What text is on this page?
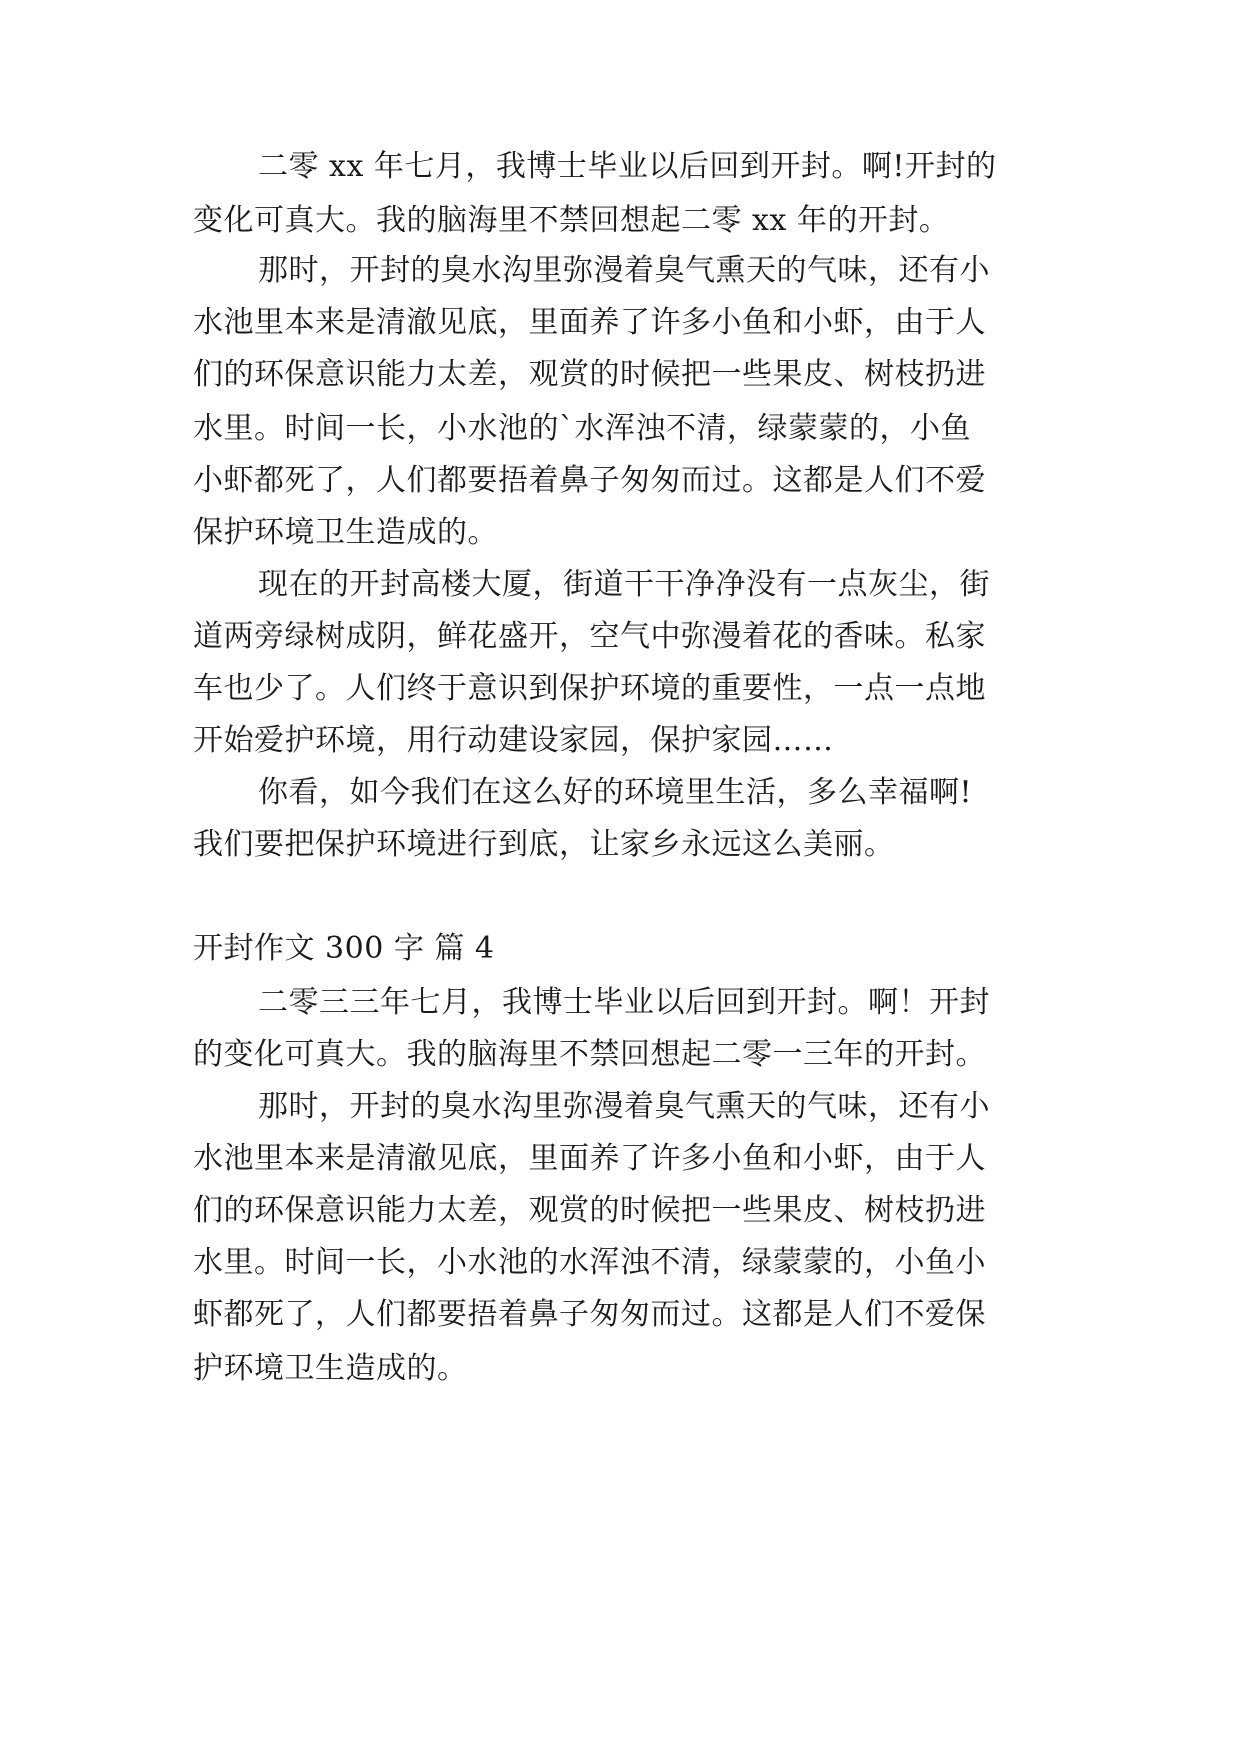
二零 xx 年七月，我博士毕业以后回到开封。啊!开封的
变化可真大。我的脑海里不禁回想起二零 xx 年的开封。
那时，开封的臭水沟里弥漫着臭气熏天的气味，还有小
水池里本来是清澈见底，里面养了许多小鱼和小虾，由于人
们的环保意识能力太差，观赏的时候把一些果皮、树枝扔进
水里。时间一长，小水池的`水浑浊不清，绿蒙蒙的，小鱼
小虾都死了，人们都要捂着鼻子匆匆而过。这都是人们不爱
保护环境卫生造成的。
现在的开封高楼大厦，街道干干净净没有一点灰尘，街
道两旁绿树成阴，鲜花盛开，空气中弥漫着花的香味。私家
车也少了。人们终于意识到保护环境的重要性，一点一点地
开始爱护环境，用行动建设家园，保护家园……
你看，如今我们在这么好的环境里生活，多么幸福啊!
我们要把保护环境进行到底，让家乡永远这么美丽。
开封作文 300 字 篇 4
二零三三年七月，我博士毕业以后回到开封。啊！开封
的变化可真大。我的脑海里不禁回想起二零一三年的开封。
那时，开封的臭水沟里弥漫着臭气熏天的气味，还有小
水池里本来是清澈见底，里面养了许多小鱼和小虾，由于人
们的环保意识能力太差，观赏的时候把一些果皮、树枝扔进
水里。时间一长，小水池的水浑浊不清，绿蒙蒙的，小鱼小
虾都死了，人们都要捂着鼻子匆匆而过。这都是人们不爱保
护环境卫生造成的。
